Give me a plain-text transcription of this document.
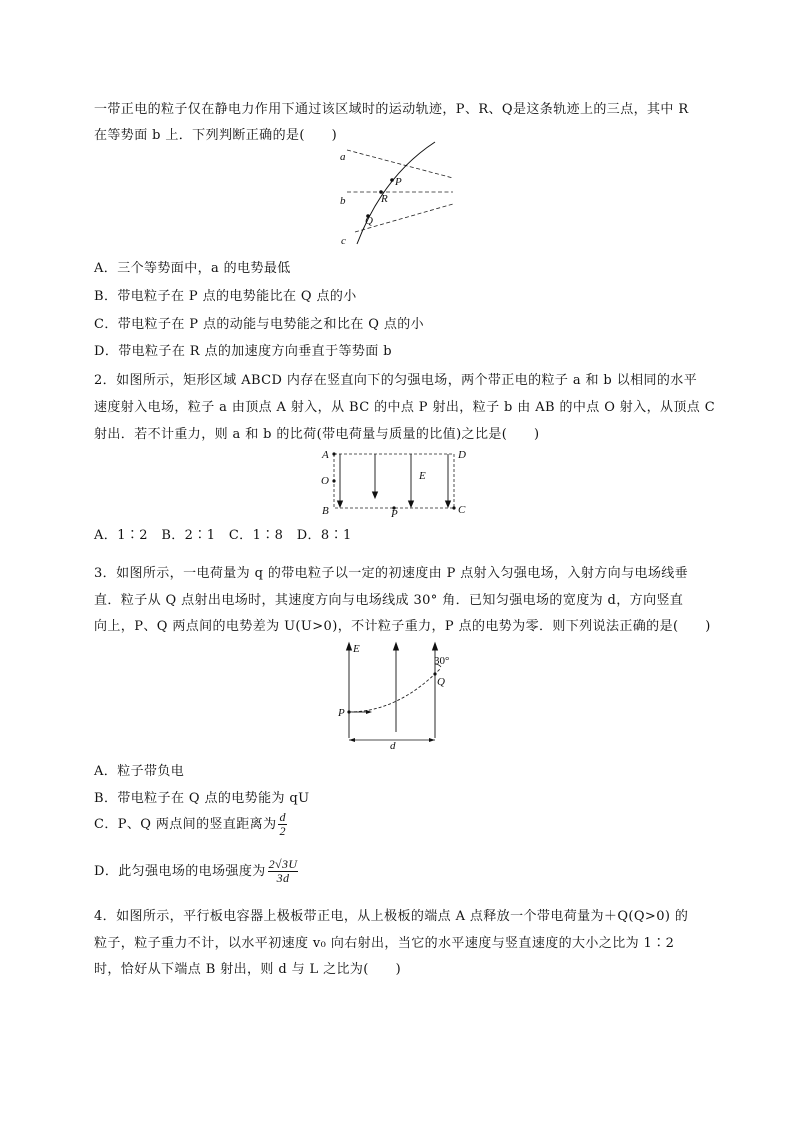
一带正电的粒子仅在静电力作用下通过该区域时的运动轨迹，P、R、Q是这条轨迹上的三点，其中 R
在等势面 b 上．下列判断正确的是(　　)
a
b
c
P
R
Q
A．三个等势面中，a 的电势最低
B．带电粒子在 P 点的电势能比在 Q 点的小
C．带电粒子在 P 点的动能与电势能之和比在 Q 点的小
D．带电粒子在 R 点的加速度方向垂直于等势面 b
2．如图所示，矩形区域 ABCD 内存在竖直向下的匀强电场，两个带正电的粒子 a 和 b 以相同的水平
速度射入电场，粒子 a 由顶点 A 射入，从 BC 的中点 P 射出，粒子 b 由 AB 的中点 O 射入，从顶点 C
射出．若不计重力，则 a 和 b 的比荷(带电荷量与质量的比值)之比是(　　)
A
O
B	P	C
D
E
A．1∶2　B．2∶1　C．1∶8　D．8∶1
3．如图所示，一电荷量为 q 的带电粒子以一定的初速度由 P 点射入匀强电场，入射方向与电场线垂
直．粒子从 Q 点射出电场时，其速度方向与电场线成 30° 角．已知匀强电场的宽度为 d，方向竖直
向上，P、Q 两点间的电势差为 U(U>0)，不计粒子重力，P 点的电势为零．则下列说法正确的是(　　)
E
30°
Q
P
d
A．粒子带负电
B．带电粒子在 Q 点的电势能为 qU
C．P、Q 两点间的竖直距离为 $\frac{d}{2}$
D．此匀强电场的电场强度为 $\frac{2√3U}{3d}$
4．如图所示，平行板电容器上极板带正电，从上极板的端点 A 点释放一个带电荷量为＋Q(Q>0) 的
粒子，粒子重力不计，以水平初速度 v₀ 向右射出，当它的水平速度与竖直速度的大小之比为 1∶2
时，恰好从下端点 B 射出，则 d 与 L 之比为(　　)
